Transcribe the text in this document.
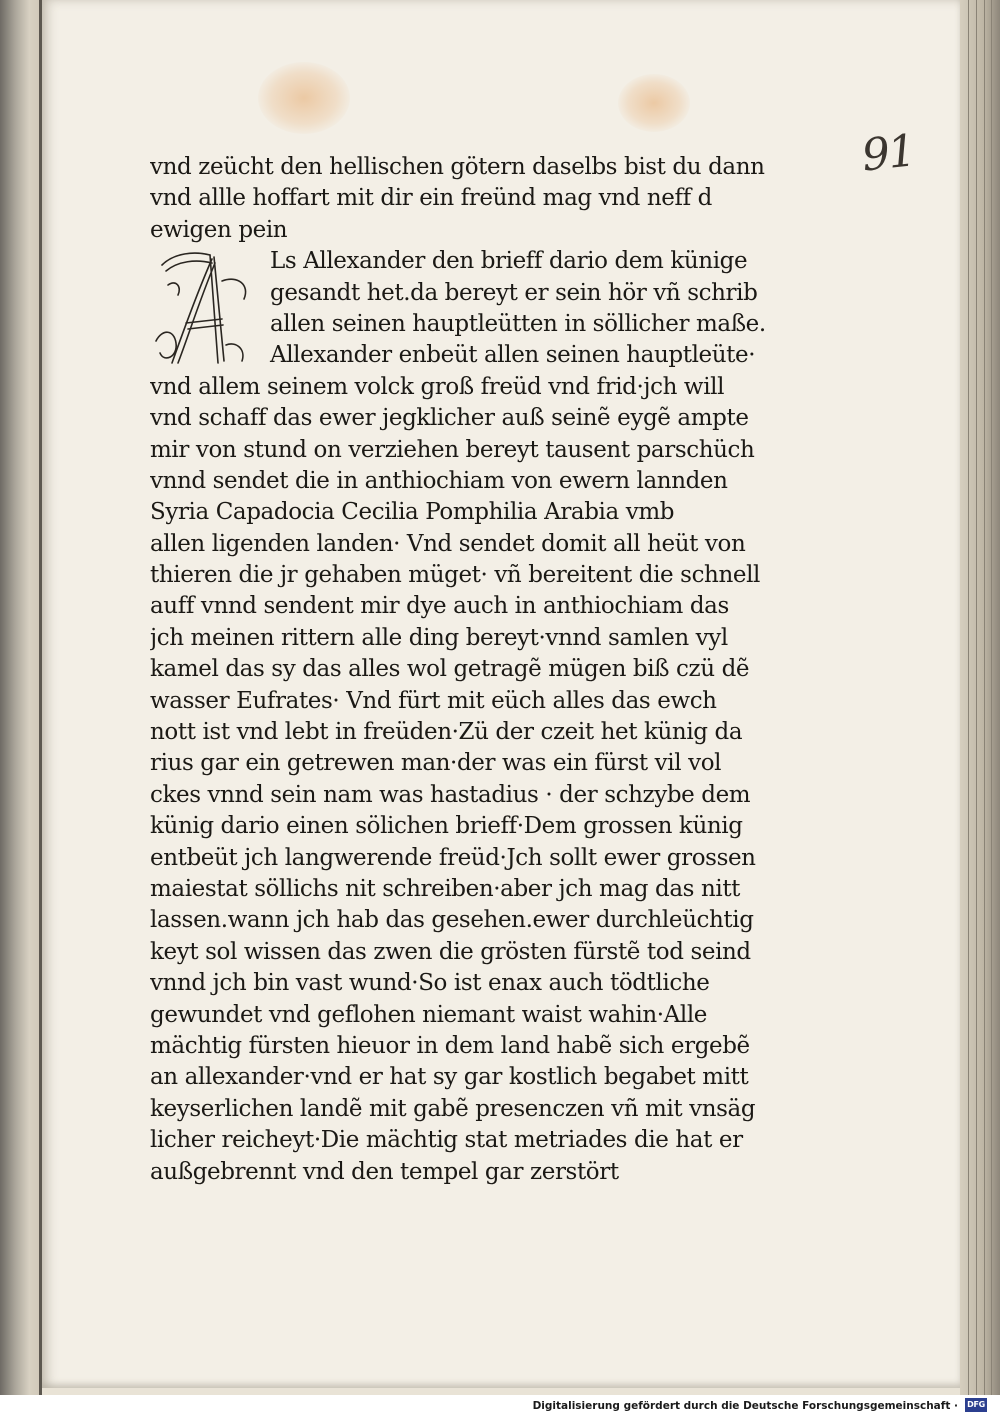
91
vnd zeücht den hellischen götern daselbs bist du dann
vnd allle hoffart mit dir ein freünd mag vnd neff d
ewigen pein
Ls Allexander den brieff dario dem künige
gesandt het.da bereyt er sein hör vñ schrib
allen seinen hauptleütten in söllicher maße.
Allexander enbeüt allen seinen hauptleüte·
vnd allem seinem volck groß freüd vnd frid·jch will
vnd schaff das ewer jegklicher auß seinẽ eygẽ ampte
mir von stund on verziehen bereyt tausent parschüch
vnnd sendet die in anthiochiam von ewern lannden
Syria Capadocia Cecilia Pomphilia Arabia vmb
allen ligenden landen· Vnd sendet domit all heüt von
thieren die jr gehaben müget· vñ bereitent die schnell
auff vnnd sendent mir dye auch in anthiochiam das
jch meinen rittern alle ding bereyt·vnnd samlen vyl
kamel das sy das alles wol getragẽ mügen biß czü dẽ
wasser Eufrates· Vnd fürt mit eüch alles das ewch
nott ist vnd lebt in freüden·Zü der czeit het künig da
rius gar ein getrewen man·der was ein fürst vil vol
ckes vnnd sein nam was hastadius · der schzybe dem
künig dario einen sölichen brieff·Dem grossen künig
entbeüt jch langwerende freüd·Jch sollt ewer grossen
maiestat söllichs nit schreiben·aber jch mag das nitt
lassen.wann jch hab das gesehen.ewer durchleüchtig
keyt sol wissen das zwen die grösten fürstẽ tod seind
vnnd jch bin vast wund·So ist enax auch tödtliche
gewundet vnd geflohen niemant waist wahin·Alle
mächtig fürsten hieuor in dem land habẽ sich ergebẽ
an allexander·vnd er hat sy gar kostlich begabet mitt
keyserlichen landẽ mit gabẽ presenczen vñ mit vnsäg
licher reicheyt·Die mächtig stat metriades die hat er
außgebrennt vnd den tempel gar zerstört
Digitalisierung gefördert durch die Deutsche Forschungsgemeinschaft · DFG
